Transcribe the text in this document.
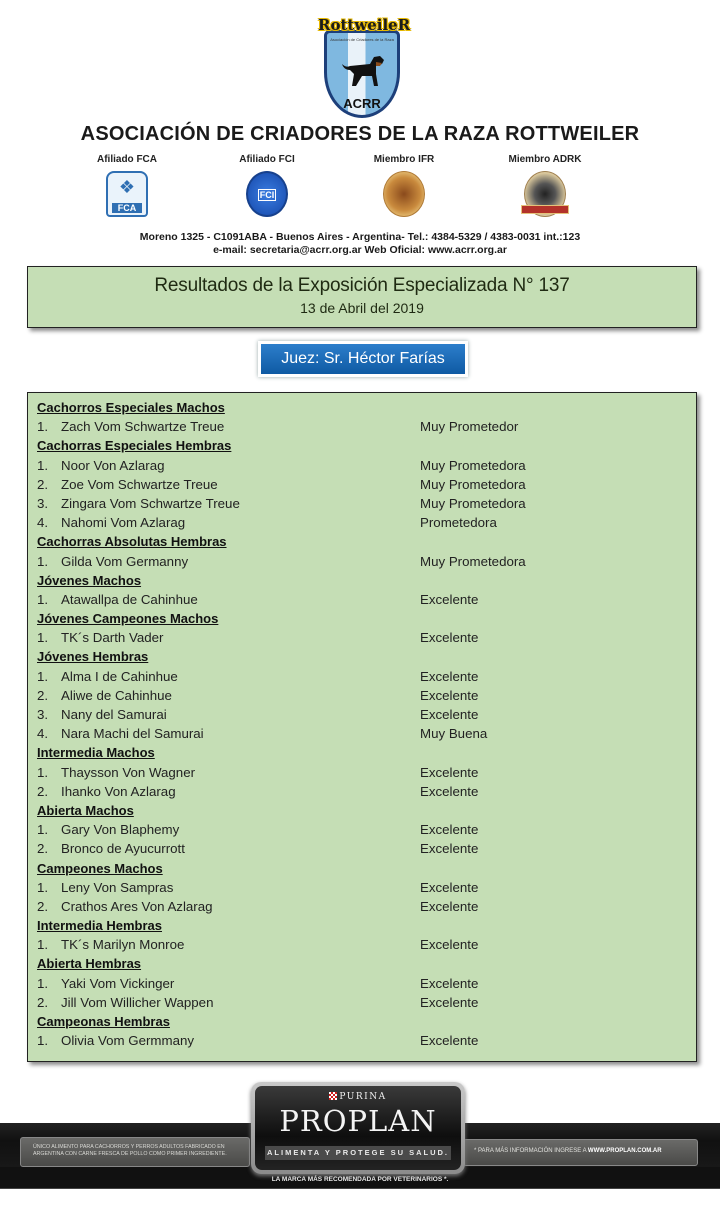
RottweileR
Asociación de Criadores de la Raza
ACRR
ASOCIACIÓN DE CRIADORES DE LA RAZA ROTTWEILER
Afiliado FCA
❖
FCA
Afiliado FCI
FCI
Miembro IFR	Miembro ADRK
Moreno 1325 - C1091ABA - Buenos Aires - Argentina- Tel.: 4384-5329 / 4383-0031 int.:123
e-mail: secretaria@acrr.org.ar Web Oficial: www.acrr.org.ar
Resultados de la Exposición Especializada N° 137
13 de Abril del 2019
Juez: Sr. Héctor Farías
Cachorros Especiales Machos
1. Zach Vom Schwartze Treue	Muy Prometedor
Cachorras Especiales Hembras
1. Noor Von Azlarag	Muy Prometedora
2. Zoe Vom Schwartze Treue	Muy Prometedora
3. Zingara Vom Schwartze Treue	Muy Prometedora
4. Nahomi Vom Azlarag	Prometedora
Cachorras Absolutas Hembras
1. Gilda Vom Germanny	Muy Prometedora
Jóvenes Machos
1. Atawallpa de Cahinhue	Excelente
Jóvenes Campeones Machos
1. TK´s Darth Vader	Excelente
Jóvenes Hembras
1. Alma I de Cahinhue	Excelente
2. Aliwe de Cahinhue	Excelente
3. Nany del Samurai	Excelente
4. Nara Machi del Samurai	Muy Buena
Intermedia Machos
1. Thaysson Von Wagner	Excelente
2. Ihanko Von Azlarag	Excelente
Abierta Machos
1. Gary Von Blaphemy	Excelente
2. Bronco de Ayucurrott	Excelente
Campeones Machos
1. Leny Von Sampras	Excelente
2. Crathos Ares Von Azlarag	Excelente
Intermedia Hembras
1. TK´s Marilyn Monroe	Excelente
Abierta Hembras
1. Yaki Vom Vickinger	Excelente
2. Jill Vom Willicher Wappen	Excelente
Campeonas Hembras
1. Olivia Vom Germmany	Excelente
ÚNICO ALIMENTO PARA CACHORROS Y PERROS ADULTOS FABRICADO EN
ARGENTINA CON CARNE FRESCA DE POLLO COMO PRIMER INGREDIENTE.	* PARA MÁS INFORMACIÓN INGRESE A WWW.PROPLAN.COM.AR
PURINA
PROPLAN
ALIMENTA Y PROTEGE SU SALUD.
LA MARCA MÁS RECOMENDADA POR VETERINARIOS *.
